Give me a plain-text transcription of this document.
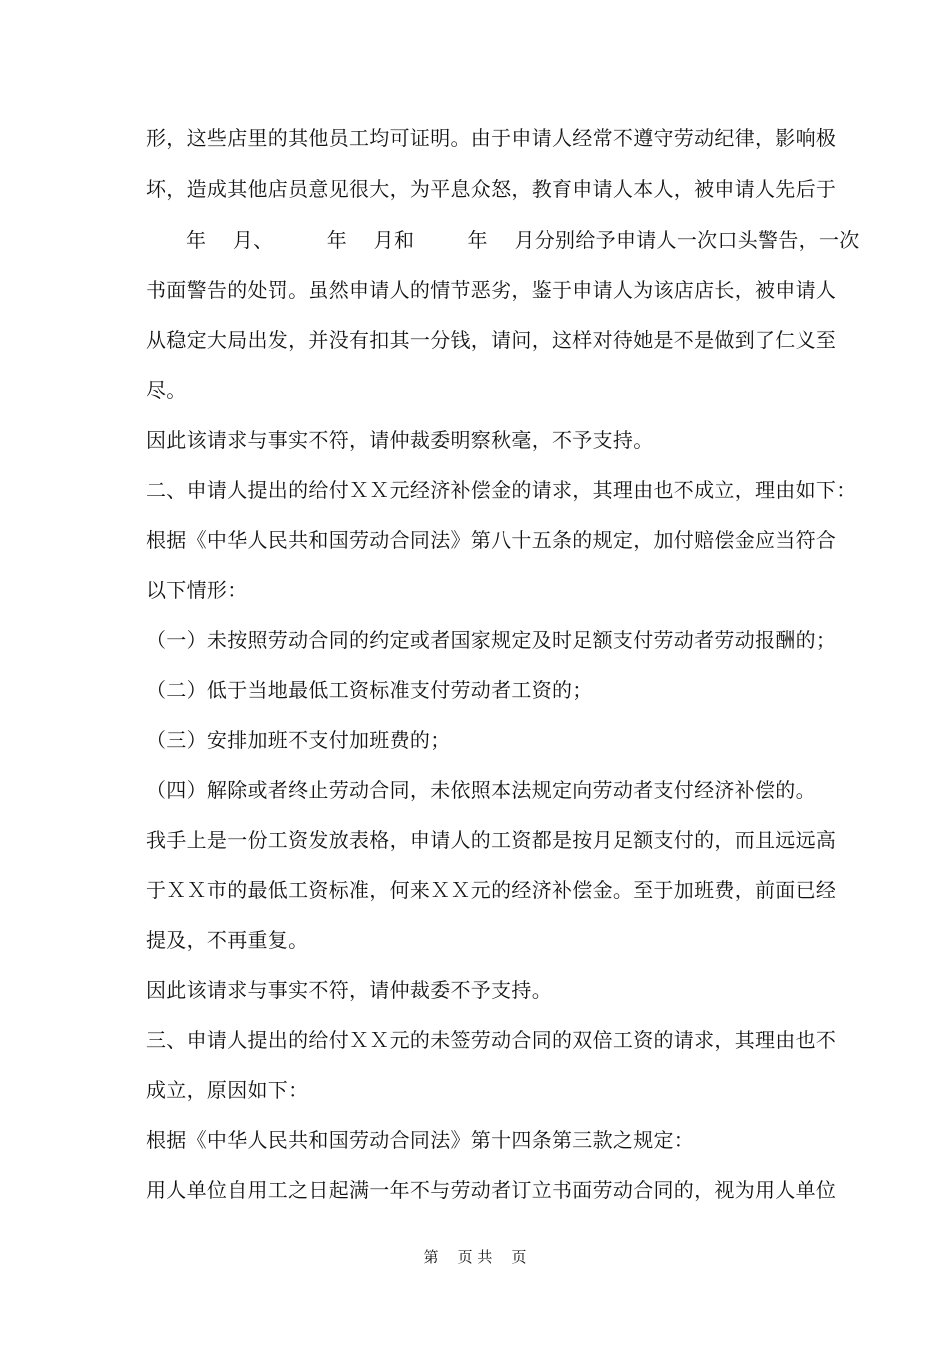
形，这些店里的其他员工均可证明。由于申请人经常不遵守劳动纪律，影响极
坏，造成其他店员意见很大，为平息众怒，教育申请人本人，被申请人先后于
年    月、        年    月和        年    月分别给予申请人一次口头警告，一次
书面警告的处罚。虽然申请人的情节恶劣，鉴于申请人为该店店长，被申请人
从稳定大局出发，并没有扣其一分钱，请问，这样对待她是不是做到了仁义至
尽。
因此该请求与事实不符，请仲裁委明察秋毫，不予支持。
二、申请人提出的给付ＸＸ元经济补偿金的请求，其理由也不成立，理由如下：
根据《中华人民共和国劳动合同法》第八十五条的规定，加付赔偿金应当符合
以下情形：
（一）未按照劳动合同的约定或者国家规定及时足额支付劳动者劳动报酬的；
（二）低于当地最低工资标准支付劳动者工资的；
（三）安排加班不支付加班费的；
（四）解除或者终止劳动合同，未依照本法规定向劳动者支付经济补偿的。
我手上是一份工资发放表格，申请人的工资都是按月足额支付的，而且远远高
于ＸＸ市的最低工资标准，何来ＸＸ元的经济补偿金。至于加班费，前面已经
提及，不再重复。
因此该请求与事实不符，请仲裁委不予支持。
三、申请人提出的给付ＸＸ元的未签劳动合同的双倍工资的请求，其理由也不
成立，原因如下：
根据《中华人民共和国劳动合同法》第十四条第三款之规定：
用人单位自用工之日起满一年不与劳动者订立书面劳动合同的，视为用人单位
第    页 共    页
